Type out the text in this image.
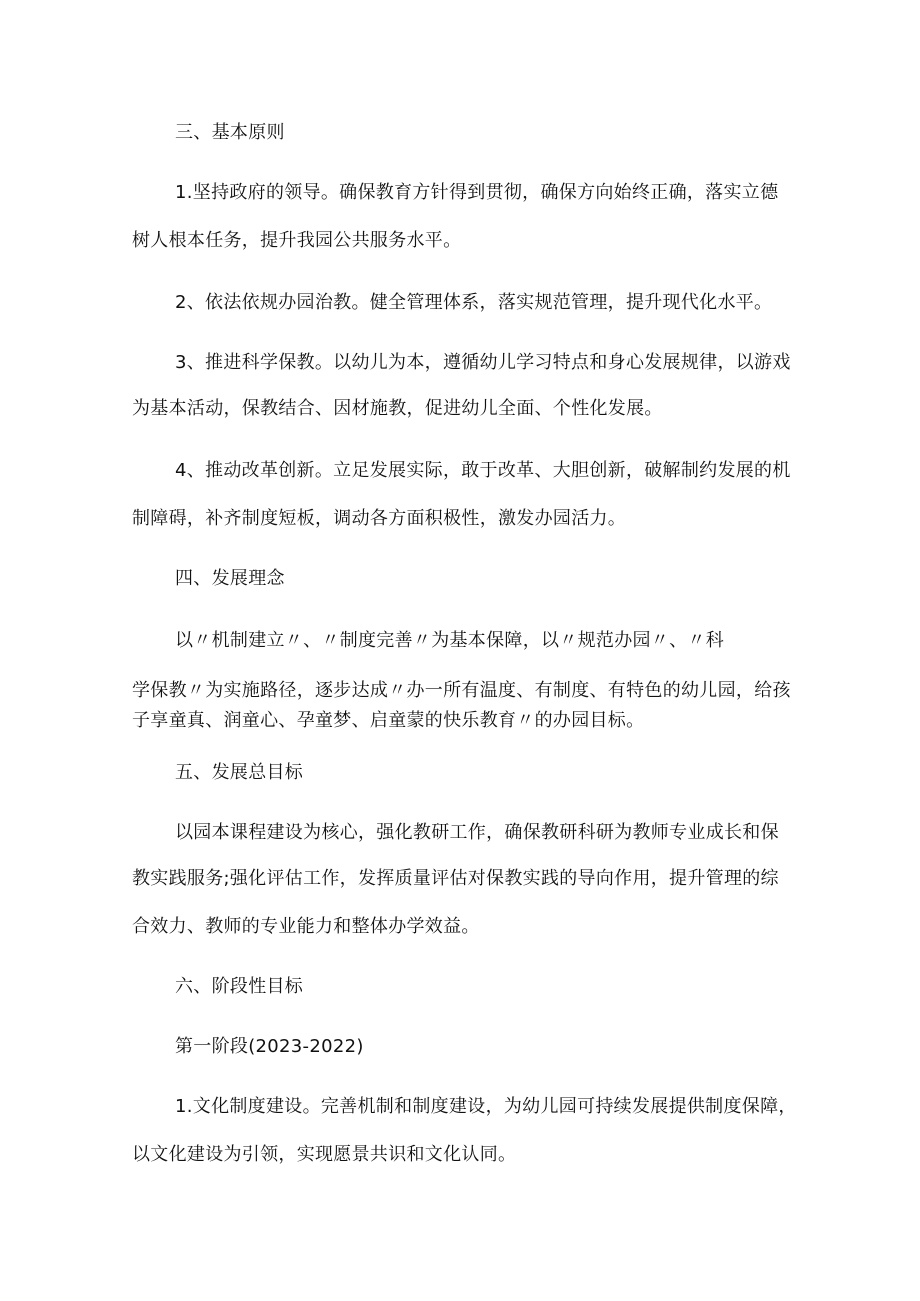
三、基本原则
1.坚持政府的领导。确保教育方针得到贯彻，确保方向始终正确，落实立德
树人根本任务，提升我园公共服务水平。
2、依法依规办园治教。健全管理体系，落实规范管理，提升现代化水平。
3、推进科学保教。以幼儿为本，遵循幼儿学习特点和身心发展规律，以游戏
为基本活动，保教结合、因材施教，促进幼儿全面、个性化发展。
4、推动改革创新。立足发展实际，敢于改革、大胆创新，破解制约发展的机
制障碍，补齐制度短板，调动各方面积极性，激发办园活力。
四、发展理念
以〃机制建立〃、〃制度完善〃为基本保障，以〃规范办园〃、〃科
学保教〃为实施路径，逐步达成〃办一所有温度、有制度、有特色的幼儿园，给孩
子享童真、润童心、孕童梦、启童蒙的快乐教育〃的办园目标。
五、发展总目标
以园本课程建设为核心，强化教研工作，确保教研科研为教师专业成长和保
教实践服务;强化评估工作，发挥质量评估对保教实践的导向作用，提升管理的综
合效力、教师的专业能力和整体办学效益。
六、阶段性目标
第一阶段(2023-2022)
1.文化制度建设。完善机制和制度建设，为幼儿园可持续发展提供制度保障，
以文化建设为引领，实现愿景共识和文化认同。
